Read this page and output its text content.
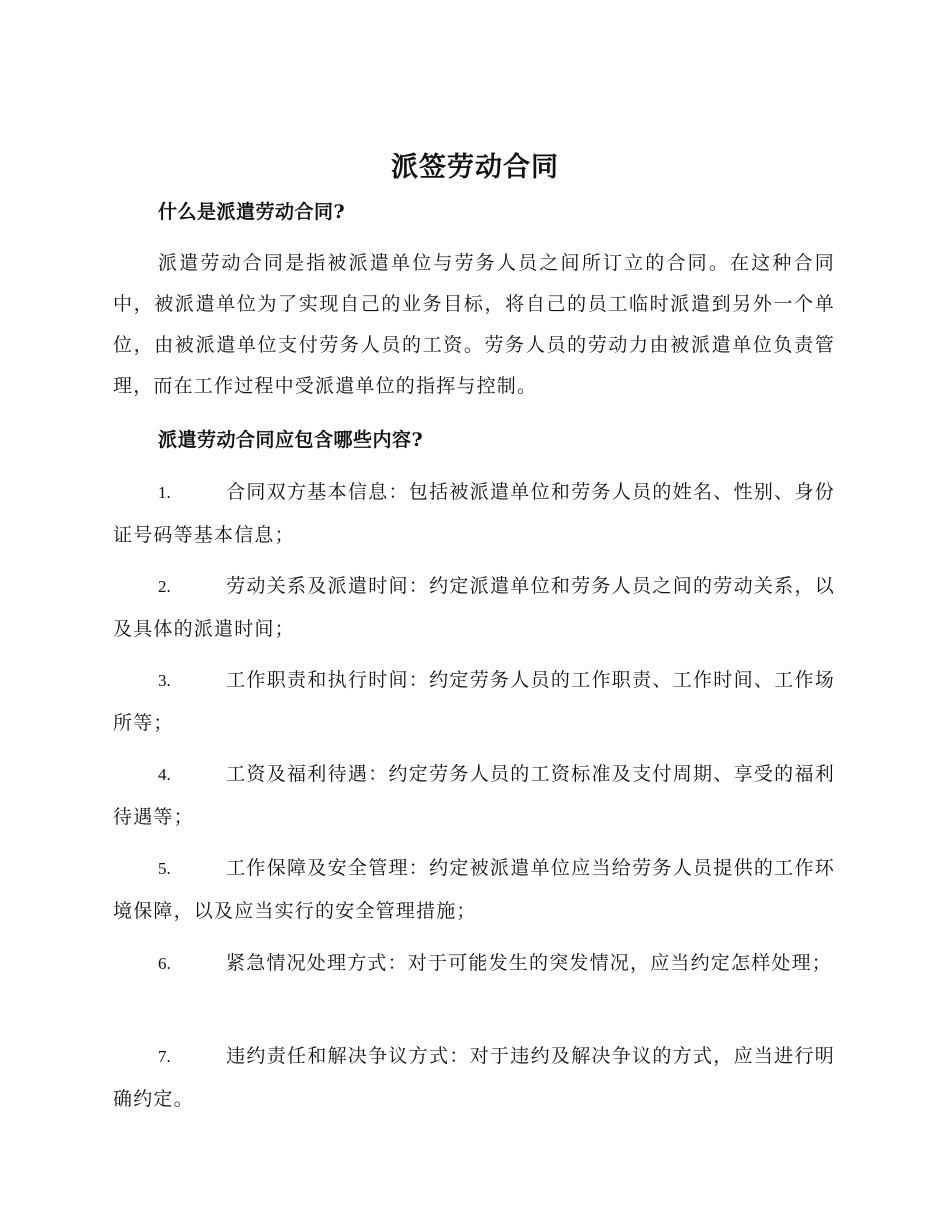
派签劳动合同
什么是派遣劳动合同?
派遣劳动合同是指被派遣单位与劳务人员之间所订立的合同。在这种合同中，被派遣单位为了实现自己的业务目标，将自己的员工临时派遣到另外一个单位，由被派遣单位支付劳务人员的工资。劳务人员的劳动力由被派遣单位负责管理，而在工作过程中受派遣单位的指挥与控制。
派遣劳动合同应包含哪些内容?
1.	合同双方基本信息：包括被派遣单位和劳务人员的姓名、性别、身份证号码等基本信息；
2.	劳动关系及派遣时间：约定派遣单位和劳务人员之间的劳动关系，以及具体的派遣时间；
3.	工作职责和执行时间：约定劳务人员的工作职责、工作时间、工作场所等；
4.	工资及福利待遇：约定劳务人员的工资标准及支付周期、享受的福利待遇等；
5.	工作保障及安全管理：约定被派遣单位应当给劳务人员提供的工作环境保障，以及应当实行的安全管理措施；
6.	紧急情况处理方式：对于可能发生的突发情况，应当约定怎样处理；
7.	违约责任和解决争议方式：对于违约及解决争议的方式，应当进行明确约定。
